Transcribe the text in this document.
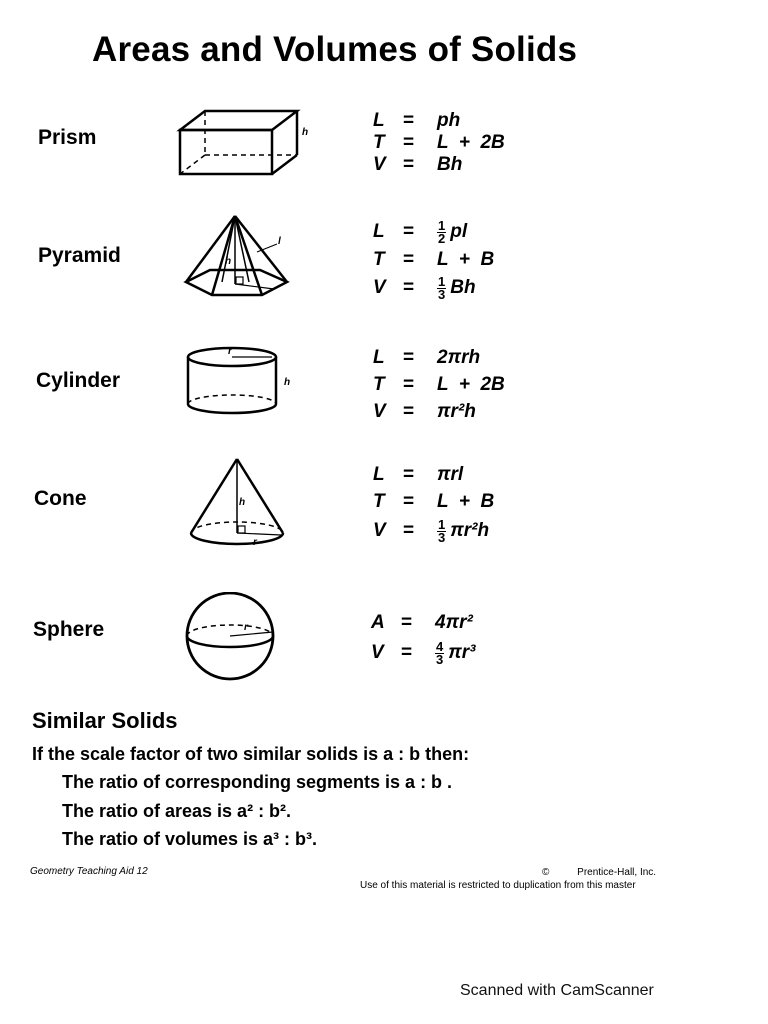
Areas and Volumes of Solids
Prism	h
L =	ph
T =	L  +  2B
V =	Bh
Pyramid	h
l	L =	$\frac{1}{2}$ pl
T =	L  +  B
V =	$\frac{1}{3}$ Bh
Cylinder
r
h
L =	2πrh
T =	L  +  2B
V =	πr²h
Cone	h
r
L =	πrl
T =	L  +  B
V =	$\frac{1}{3} \pi r^2h$
Sphere	r	A =	4πr²
V =	$\frac{4}{3} \pi r^3$
Similar Solids
If the scale factor of two similar solids is a : b then:
The ratio of corresponding segments is a : b .
The ratio of areas is a² : b².
The ratio of volumes is a³ : b³.
Geometry Teaching Aid 12	©          Prentice-Hall, Inc.
Use of this material is restricted to duplication from this master
Scanned with CamScanner
